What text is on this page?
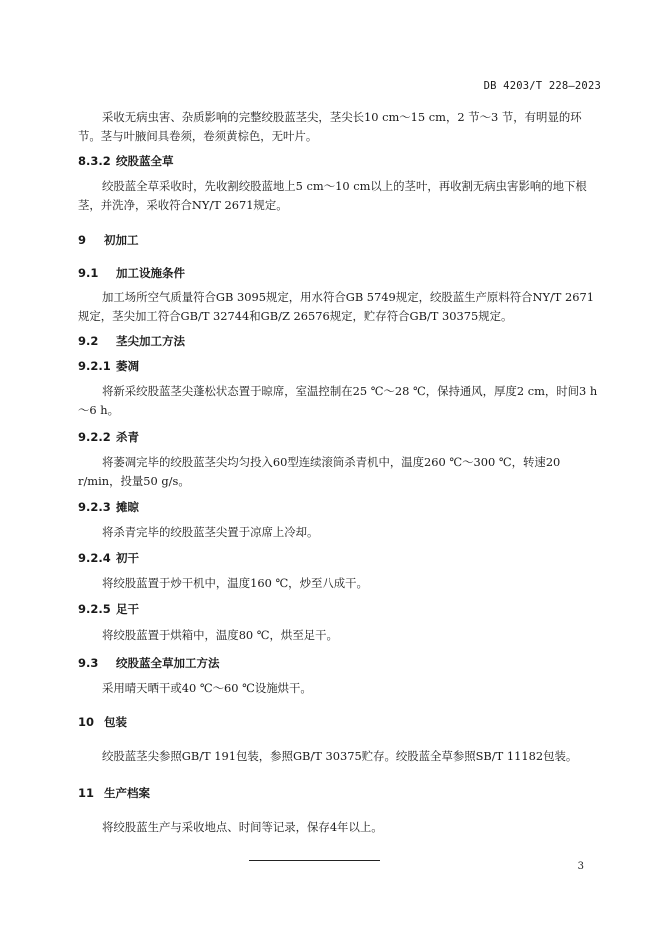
DB 4203/T 228—2023
采收无病虫害、杂质影响的完整绞股蓝茎尖，茎尖长10 cm～15 cm，2 节～3 节，有明显的环节。茎与叶腋间具卷须，卷须黄棕色，无叶片。
8.3.2 绞股蓝全草
绞股蓝全草采收时，先收割绞股蓝地上5 cm～10 cm以上的茎叶，再收割无病虫害影响的地下根茎，并洗净，采收符合NY/T 2671规定。
9 初加工
9.1 加工设施条件
加工场所空气质量符合GB 3095规定，用水符合GB 5749规定，绞股蓝生产原料符合NY/T 2671规定，茎尖加工符合GB/T 32744和GB/Z 26576规定，贮存符合GB/T 30375规定。
9.2 茎尖加工方法
9.2.1 萎凋
将新采绞股蓝茎尖蓬松状态置于晾席，室温控制在25 ℃～28 ℃，保持通风，厚度2 cm，时间3 h～6 h。
9.2.2 杀青
将萎凋完毕的绞股蓝茎尖均匀投入60型连续滚筒杀青机中，温度260 ℃～300 ℃，转速20 r/min，投量50 g/s。
9.2.3 摊晾
将杀青完毕的绞股蓝茎尖置于凉席上冷却。
9.2.4 初干
将绞股蓝置于炒干机中，温度160 ℃，炒至八成干。
9.2.5 足干
将绞股蓝置于烘箱中，温度80 ℃，烘至足干。
9.3 绞股蓝全草加工方法
采用晴天晒干或40 ℃～60 ℃设施烘干。
10 包装
绞股蓝茎尖参照GB/T 191包装，参照GB/T 30375贮存。绞股蓝全草参照SB/T 11182包装。
11 生产档案
将绞股蓝生产与采收地点、时间等记录，保存4年以上。
3
